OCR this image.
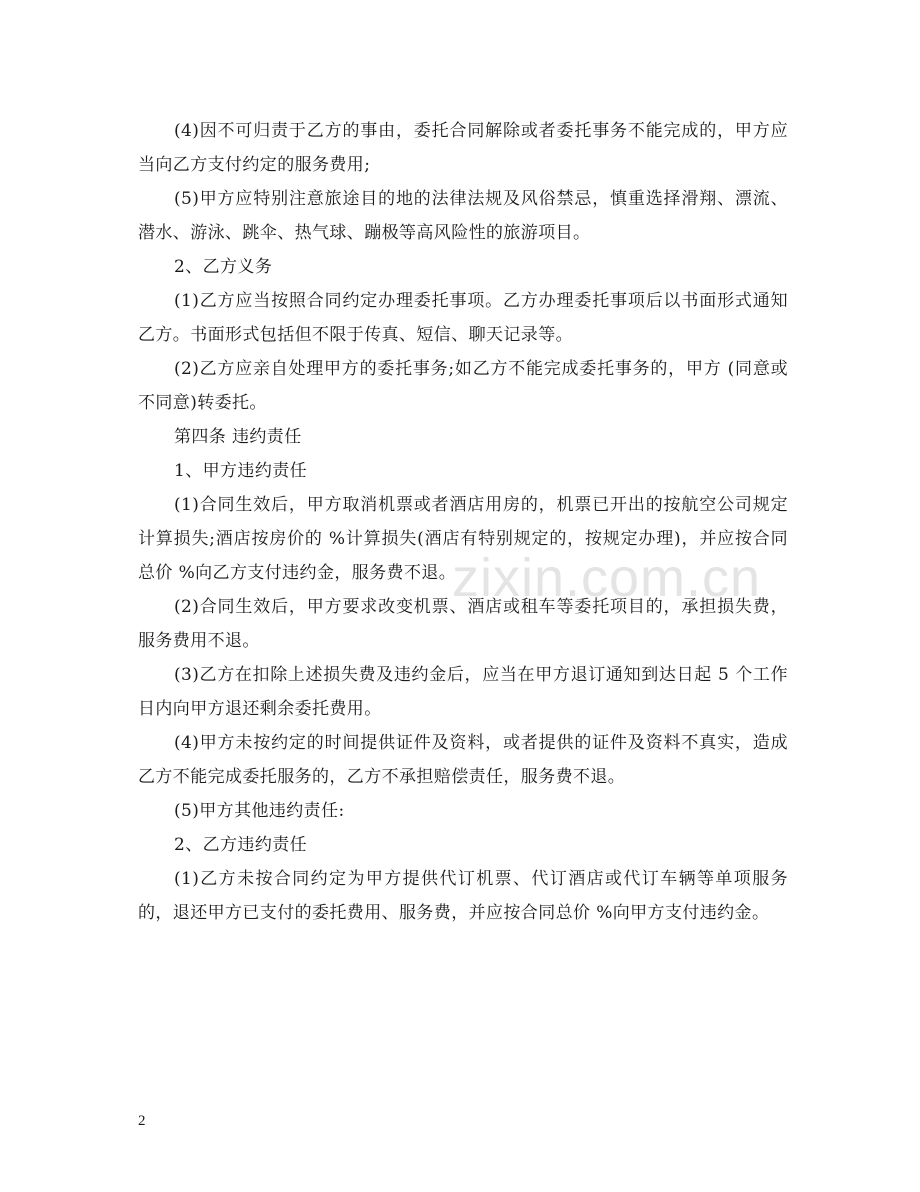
zixin.com.cn

(4)因不可归责于乙方的事由，委托合同解除或者委托事务不能完成的，甲方应当向乙方支付约定的服务费用;

(5)甲方应特别注意旅途目的地的法律法规及风俗禁忌，慎重选择滑翔、漂流、潜水、游泳、跳伞、热气球、蹦极等高风险性的旅游项目。

2、乙方义务

(1)乙方应当按照合同约定办理委托事项。乙方办理委托事项后以书面形式通知乙方。书面形式包括但不限于传真、短信、聊天记录等。

(2)乙方应亲自处理甲方的委托事务;如乙方不能完成委托事务的，甲方 (同意或不同意)转委托。

第四条 违约责任

1、甲方违约责任

(1)合同生效后，甲方取消机票或者酒店用房的，机票已开出的按航空公司规定计算损失;酒店按房价的 %计算损失(酒店有特别规定的，按规定办理)，并应按合同总价 %向乙方支付违约金，服务费不退。

(2)合同生效后，甲方要求改变机票、酒店或租车等委托项目的，承担损失费，服务费用不退。

(3)乙方在扣除上述损失费及违约金后，应当在甲方退订通知到达日起 5 个工作日内向甲方退还剩余委托费用。

(4)甲方未按约定的时间提供证件及资料，或者提供的证件及资料不真实，造成乙方不能完成委托服务的，乙方不承担赔偿责任，服务费不退。

(5)甲方其他违约责任:

2、乙方违约责任

(1)乙方未按合同约定为甲方提供代订机票、代订酒店或代订车辆等单项服务的，退还甲方已支付的委托费用、服务费，并应按合同总价 %向甲方支付违约金。

2
